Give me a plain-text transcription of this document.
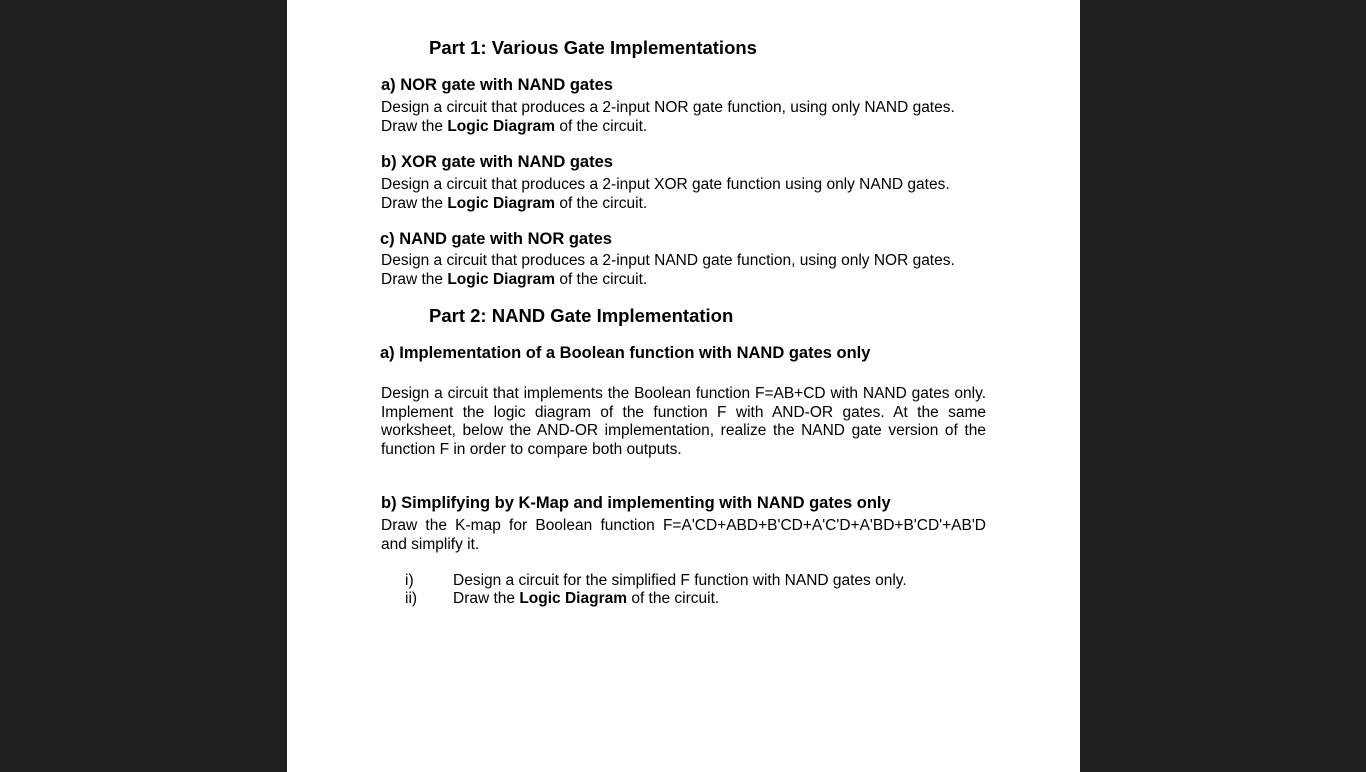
Part 1: Various Gate Implementations
a) NOR gate with NAND gates
Design a circuit that produces a 2-input NOR gate function, using only NAND gates.
Draw the Logic Diagram of the circuit.
b) XOR gate with NAND gates
Design a circuit that produces a 2-input XOR gate function using only NAND gates.
Draw the Logic Diagram of the circuit.
c) NAND gate with NOR gates
Design a circuit that produces a 2-input NAND gate function, using only NOR gates.
Draw the Logic Diagram of the circuit.
Part 2: NAND Gate Implementation
a) Implementation of a Boolean function with NAND gates only
Design a circuit that implements the Boolean function F=AB+CD with NAND gates only. Implement the logic diagram of the function F with AND-OR gates. At the same worksheet, below the AND-OR implementation, realize the NAND gate version of the function F in order to compare both outputs.
b) Simplifying by K-Map and implementing with NAND gates only
Draw the K-map for Boolean function F=A'CD+ABD+B'CD+A'C'D+A'BD+B'CD'+AB'D and simplify it.
i)	Design a circuit for the simplified F function with NAND gates only.
ii) Draw the Logic Diagram of the circuit.
